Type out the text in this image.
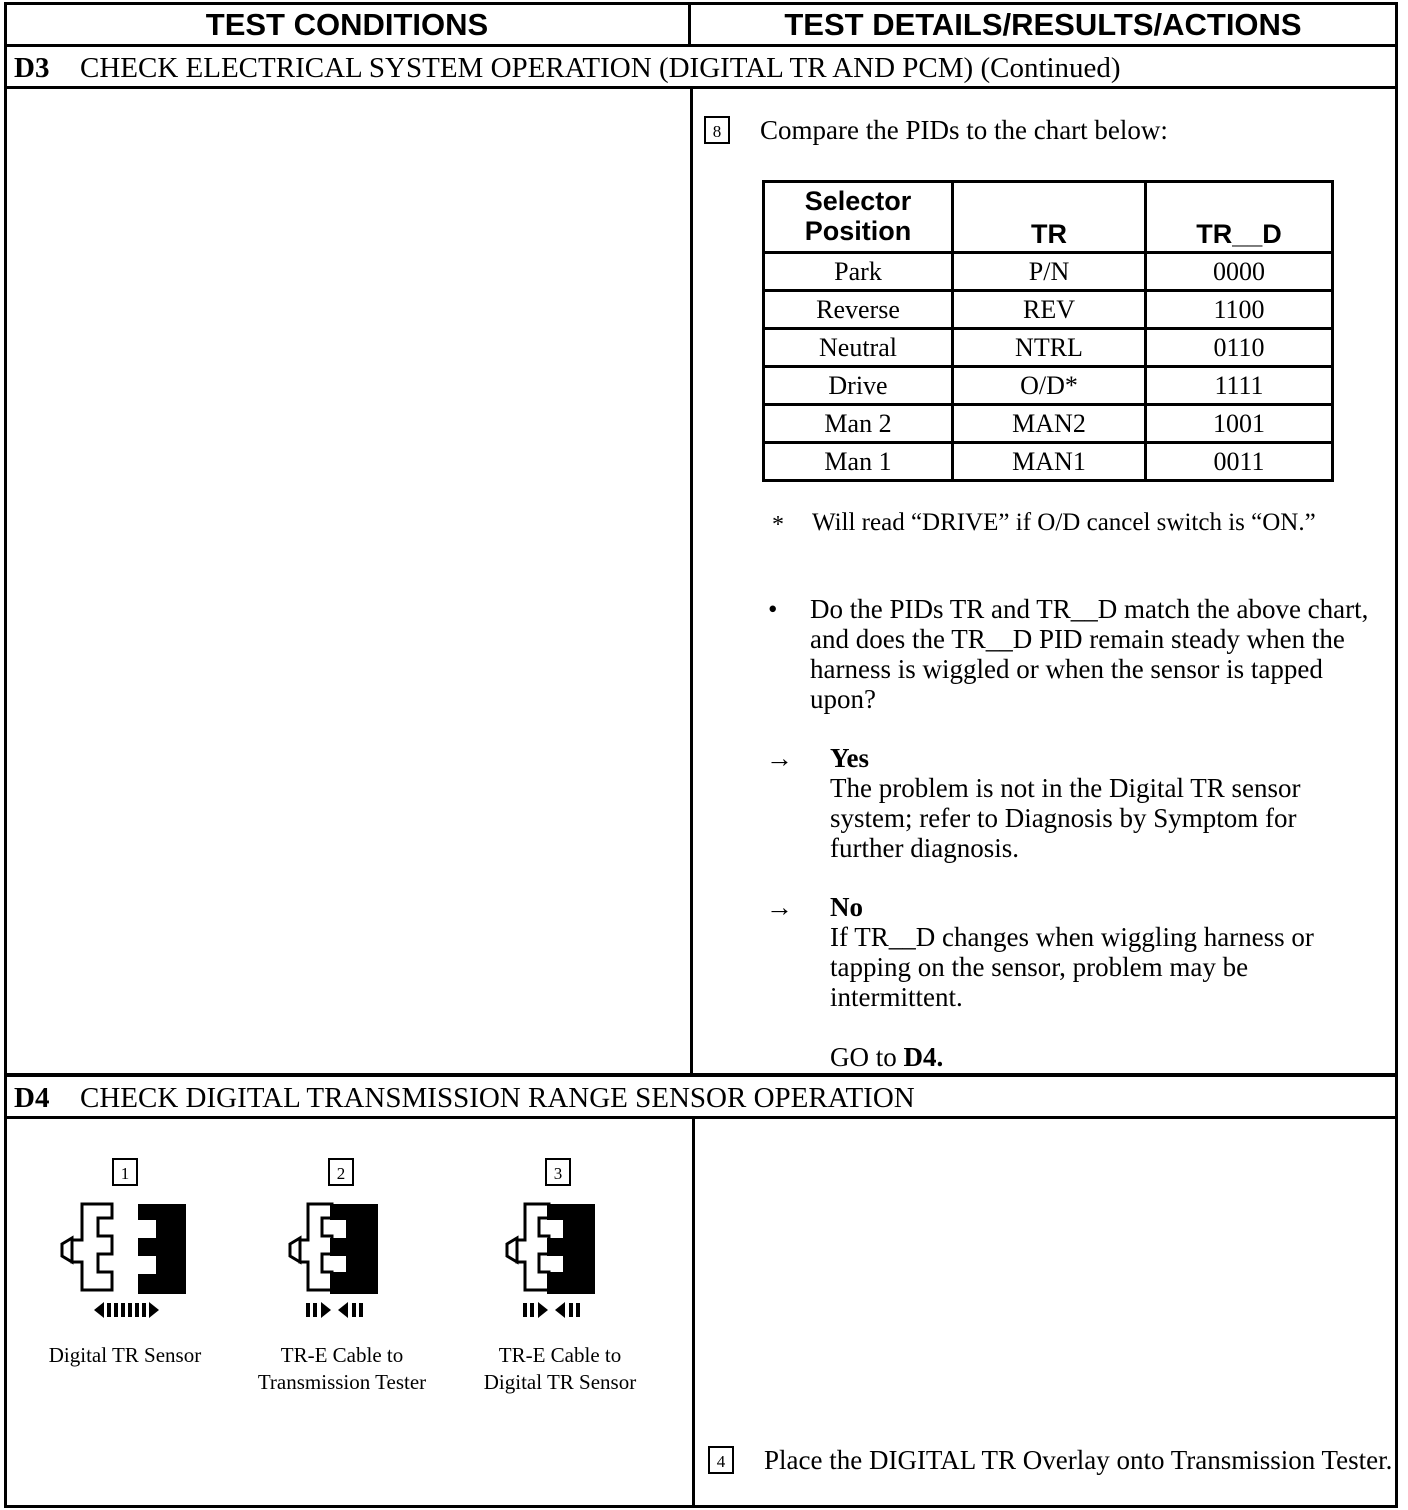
TEST CONDITIONS	TEST DETAILS/RESULTS/ACTIONS
D3 CHECK ELECTRICAL SYSTEM OPERATION (DIGITAL TR AND PCM) (Continued)
8	Compare the PIDs to the chart below:
Selector Position	TR	TR__D
Park	P/N	0000
Reverse	REV	1100
Neutral	NTRL	0110
Drive	O/D*	1111
Man 2	MAN2	1001
Man 1	MAN1	0011
* Will read “DRIVE” if O/D cancel switch is “ON.”
• Do the PIDs TR and TR__D match the above chart, and does the TR__D PID remain steady when the harness is wiggled or when the sensor is tapped upon?
→ Yes
The problem is not in the Digital TR sensor system; refer to Diagnosis by Symptom for further diagnosis.
→ No
If TR__D changes when wiggling harness or tapping on the sensor, problem may be intermittent.
GO to D4.
D4 CHECK DIGITAL TRANSMISSION RANGE SENSOR OPERATION
1
Digital TR Sensor
2
TR-E Cable to Transmission Tester
3
TR-E Cable to Digital TR Sensor
4	Place the DIGITAL TR Overlay onto Transmission Tester.
